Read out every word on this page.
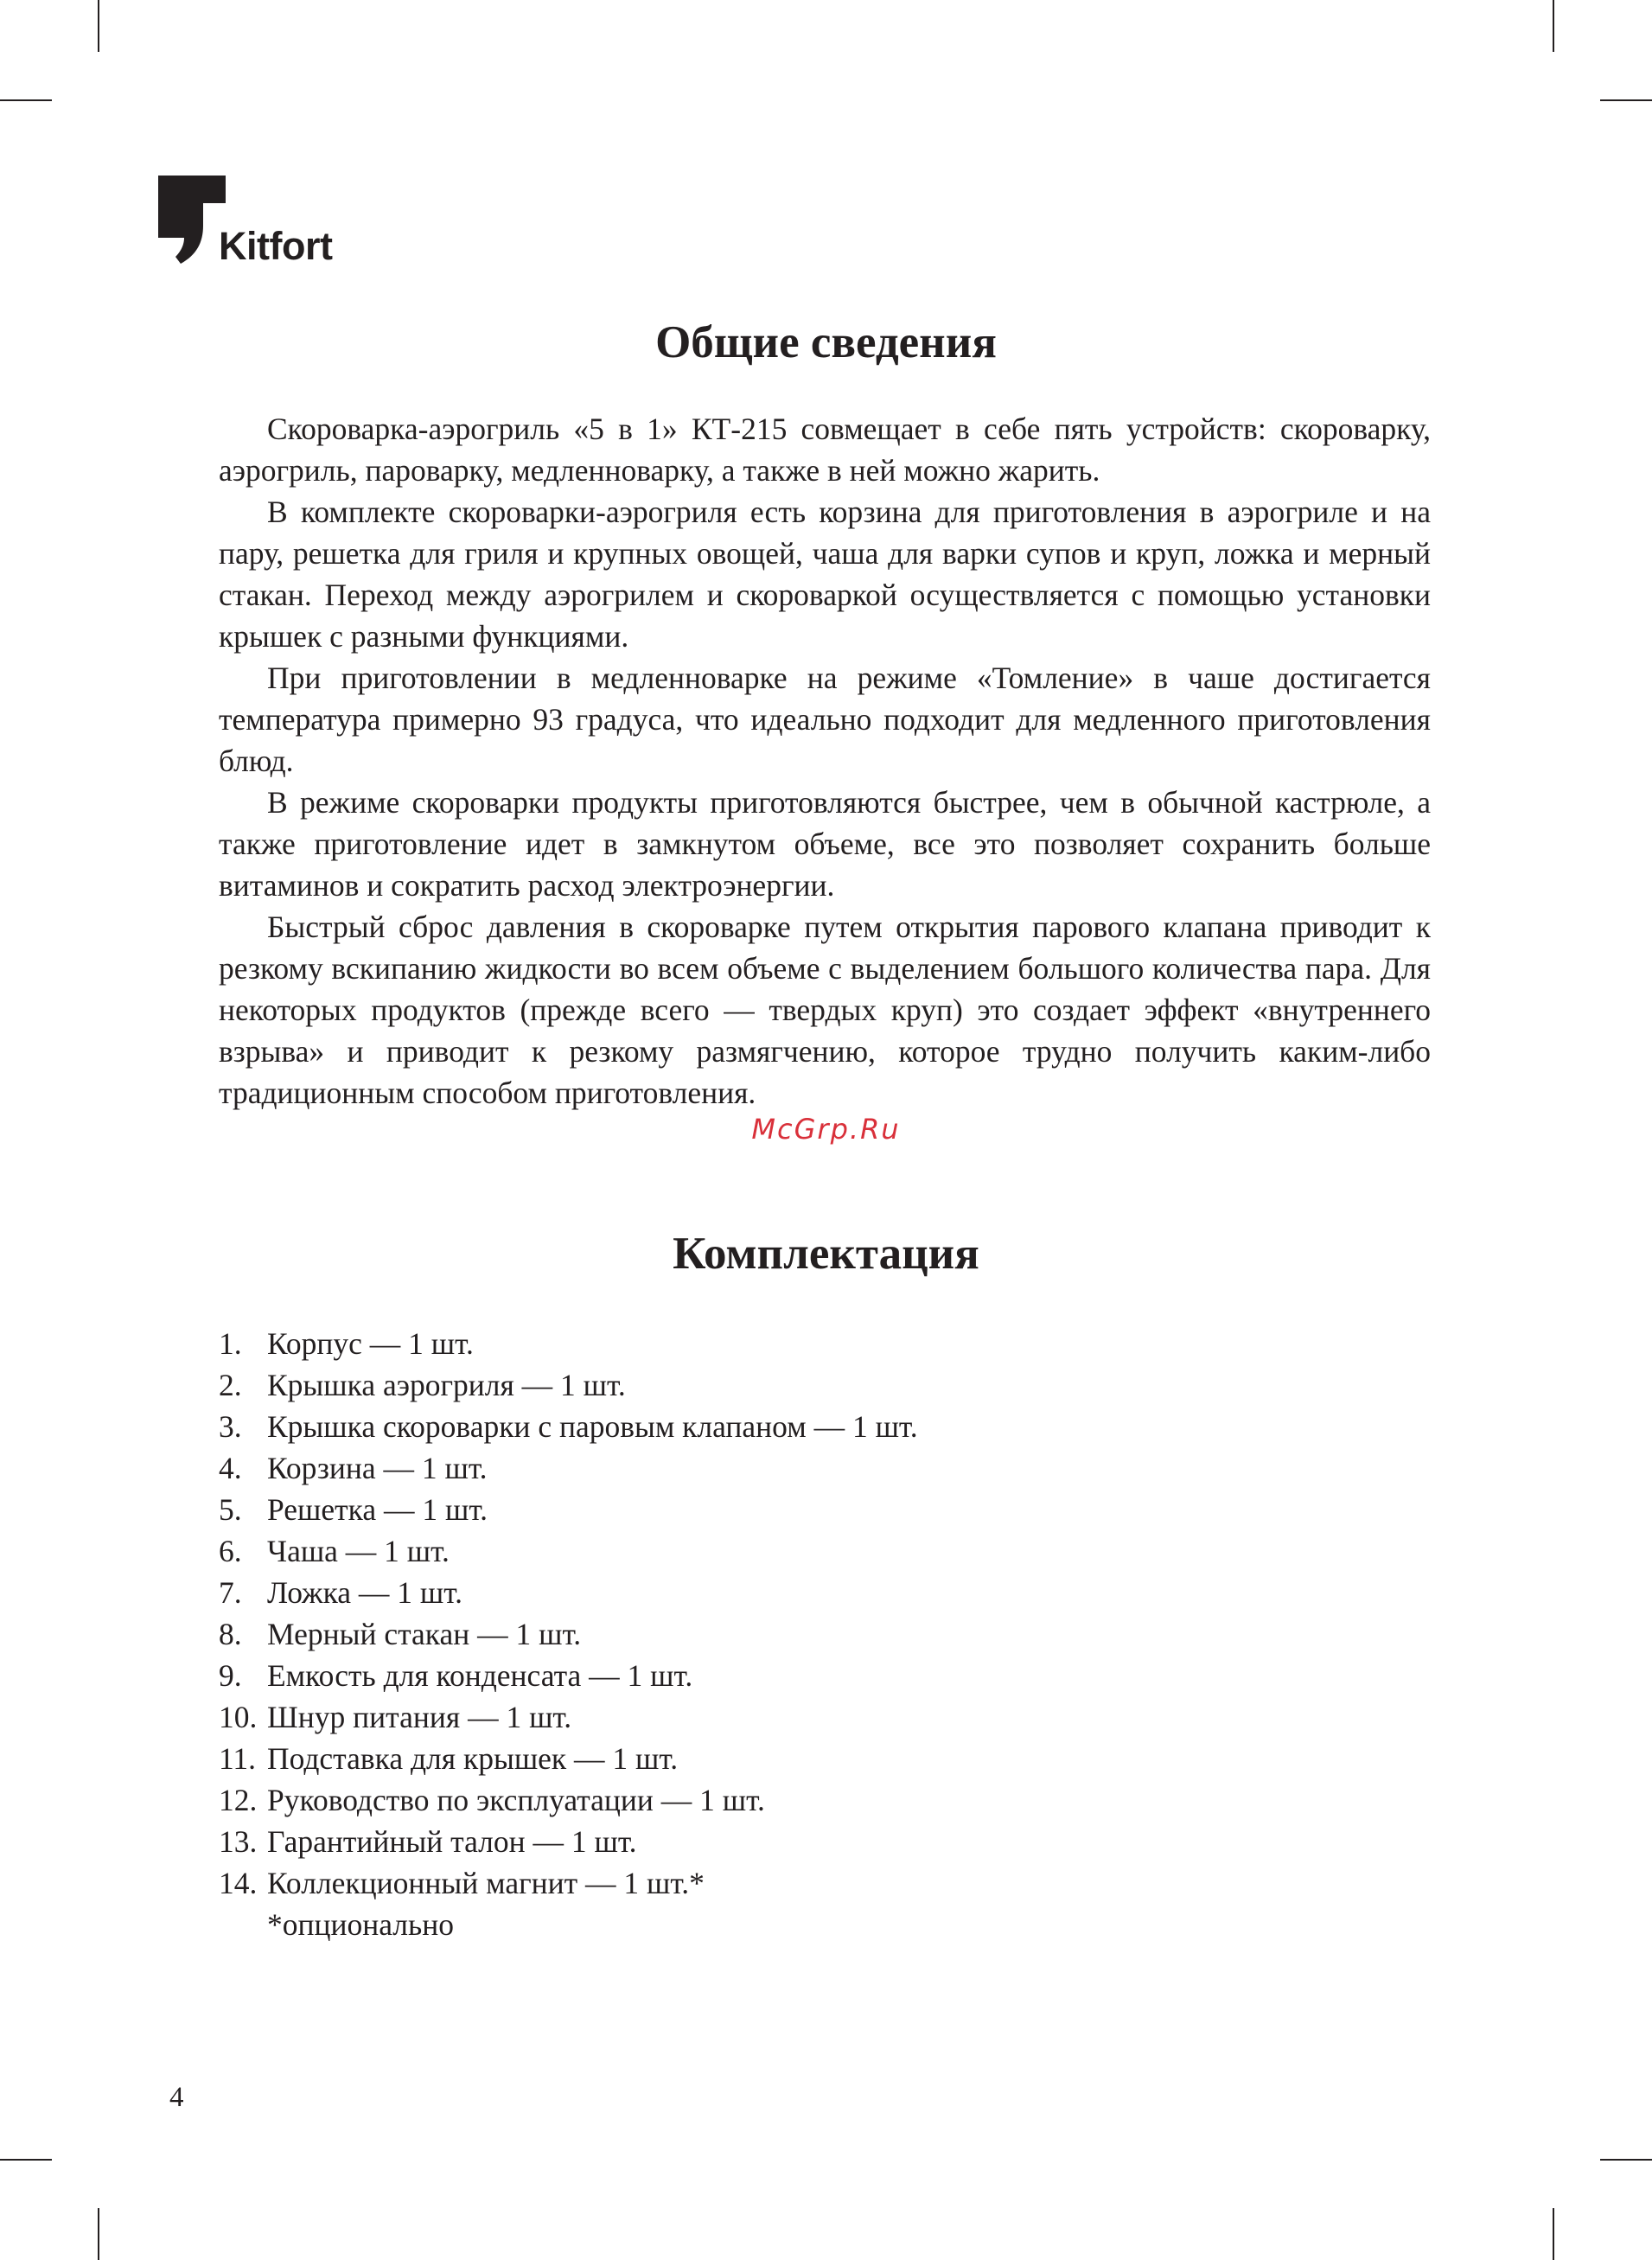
Kitfort
Общие сведения

Скороварка-аэрогриль «5 в 1» КТ-215 совмещает в себе пять устройств: скороварку, аэрогриль, пароварку, медленноварку, а также в ней можно жарить.

В комплекте скороварки-аэрогриля есть корзина для приготовления в аэрогриле и на пару, решетка для гриля и крупных овощей, чаша для варки супов и круп, ложка и мерный стакан. Переход между аэрогрилем и скороваркой осуществляется с помощью установки крышек с разными функциями.

При приготовлении в медленноварке на режиме «Томление» в чаше достигается температура примерно 93 градуса, что идеально подходит для медленного приготовления блюд.

В режиме скороварки продукты приготовляются быстрее, чем в обычной кастрюле, а также приготовление идет в замкнутом объеме, все это позволяет сохранить больше витаминов и сократить расход электроэнергии.

Быстрый сброс давления в скороварке путем открытия парового клапана приводит к резкому вскипанию жидкости во всем объеме с выделением большого количества пара. Для некоторых продуктов (прежде всего — твердых круп) это создает эффект «внутреннего взрыва» и приводит к резкому размягчению, которое трудно получить каким-либо традиционным способом приготовления.

McGrp.Ru
Комплектация
1. Корпус — 1 шт.
2. Крышка аэрогриля — 1 шт.
3. Крышка скороварки с паровым клапаном — 1 шт.
4. Корзина — 1 шт.
5. Решетка — 1 шт.
6. Чаша — 1 шт.
7. Ложка — 1 шт.
8. Мерный стакан — 1 шт.
9. Емкость для конденсата — 1 шт.
10. Шнур питания — 1 шт.
11. Подставка для крышек — 1 шт.
12. Руководство по эксплуатации — 1 шт.
13. Гарантийный талон — 1 шт.
14. Коллекционный магнит — 1 шт.*
*опционально
4
